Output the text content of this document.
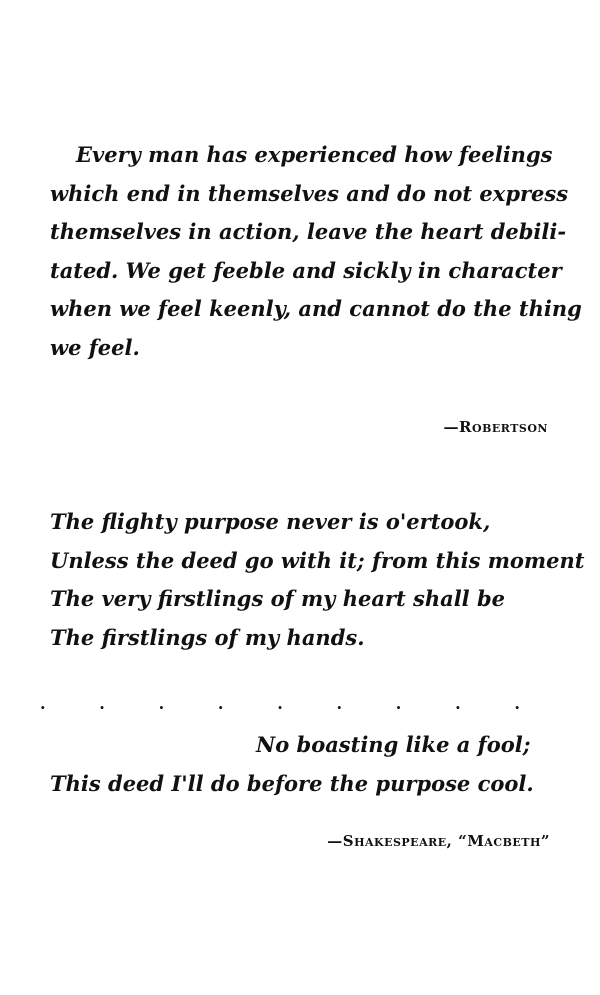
Every man has experienced how feelings
which end in themselves and do not express
themselves in action, leave the heart debili-
tated. We get feeble and sickly in character
when we feel keenly, and cannot do the thing
we feel.
—Robertson
The flighty purpose never is o'ertook,
Unless the deed go with it; from this moment
The very firstlings of my heart shall be
The firstlings of my hands.
.	.	.	.	.	.	.	.	.
No boasting like a fool;
This deed I'll do before the purpose cool.
—Shakespeare, “Macbeth”
